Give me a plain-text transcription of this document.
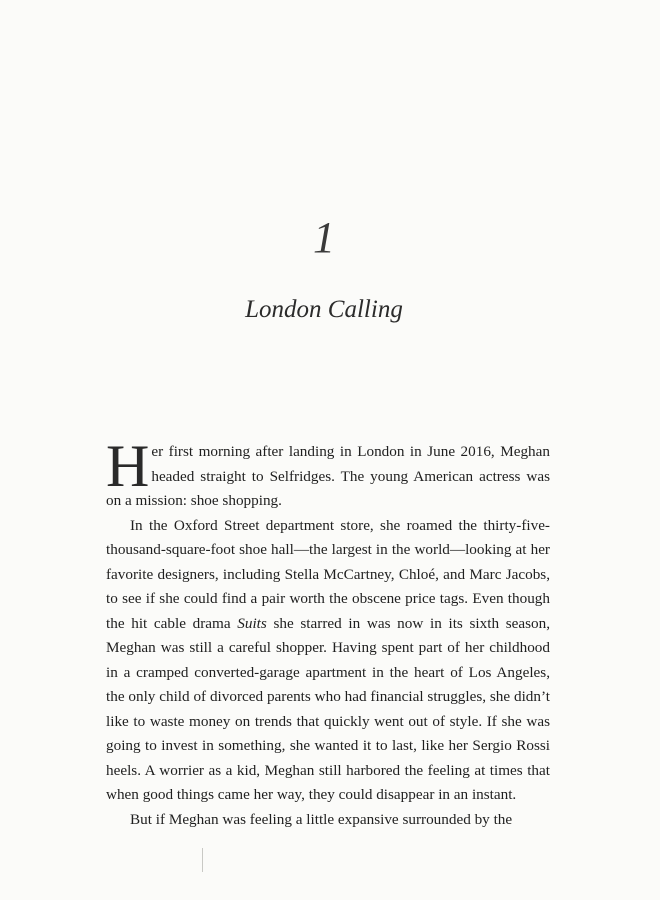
1
London Calling

Her first morning after landing in London in June 2016, Meghan headed straight to Selfridges. The young American actress was on a mission: shoe shopping.

In the Oxford Street department store, she roamed the thirty-five-thousand-square-foot shoe hall—the largest in the world—looking at her favorite designers, including Stella McCartney, Chloé, and Marc Jacobs, to see if she could find a pair worth the obscene price tags. Even though the hit cable drama Suits she starred in was now in its sixth season, Meghan was still a careful shopper. Having spent part of her childhood in a cramped converted-garage apartment in the heart of Los Angeles, the only child of divorced parents who had financial struggles, she didn’t like to waste money on trends that quickly went out of style. If she was going to invest in something, she wanted it to last, like her Sergio Rossi heels. A worrier as a kid, Meghan still harbored the feeling at times that when good things came her way, they could disappear in an instant.

But if Meghan was feeling a little expansive surrounded by the
